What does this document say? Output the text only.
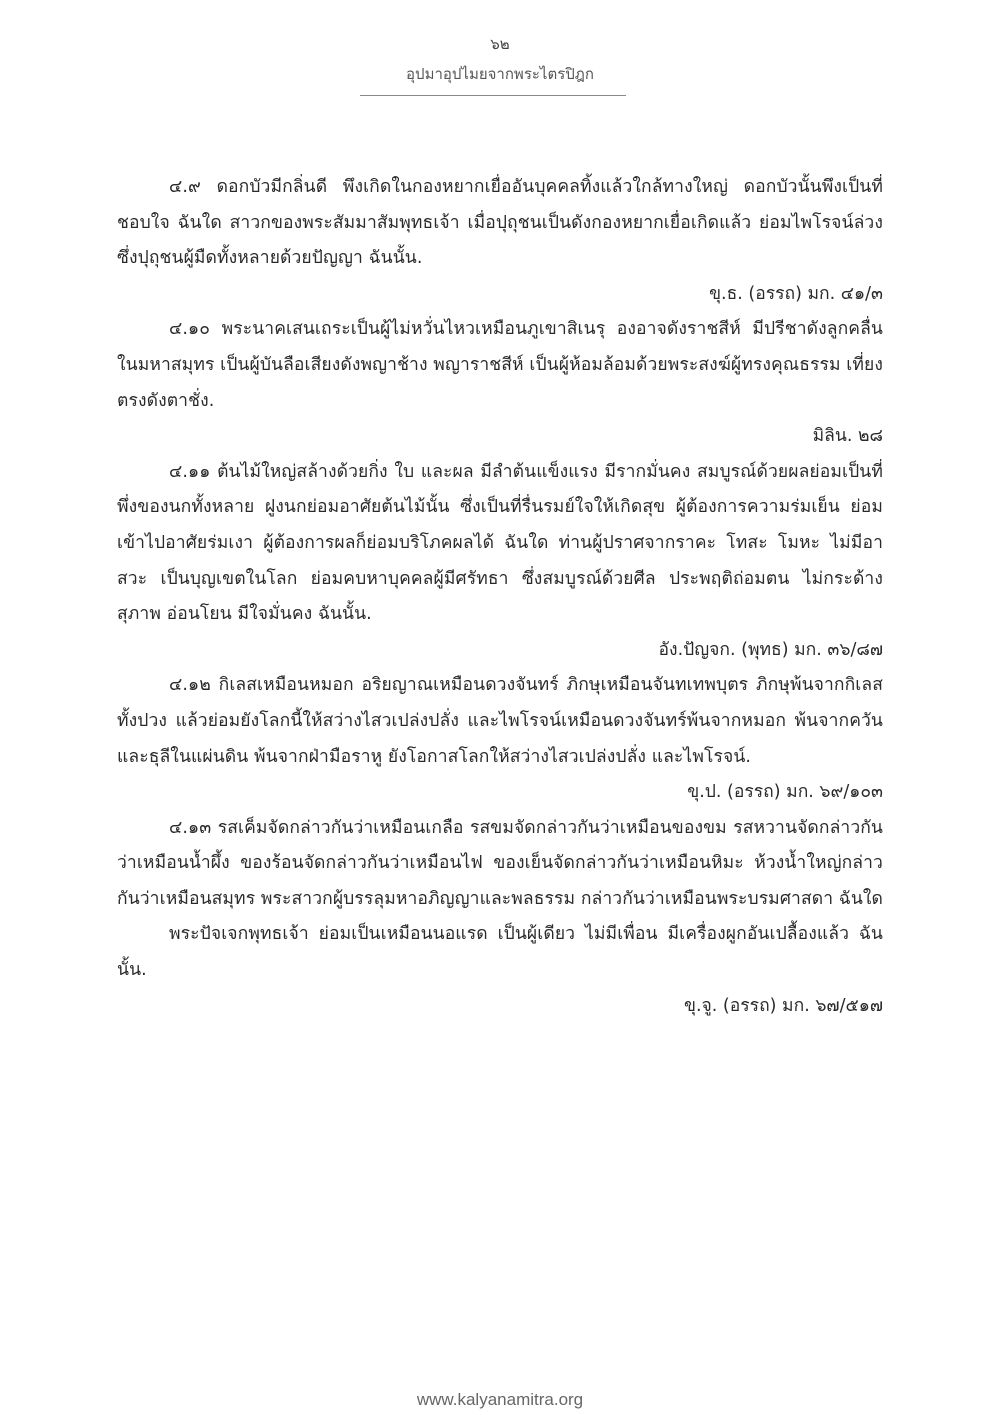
๖๒
อุปมาอุปไมยจากพระไตรปิฎก

๔.๙ ดอกบัวมีกลิ่นดี พึงเกิดในกองหยากเยื่ออันบุคคลทิ้งแล้วใกล้ทางใหญ่ ดอกบัวนั้นพึงเป็นที่ชอบใจ ฉันใด สาวกของพระสัมมาสัมพุทธเจ้า เมื่อปุถุชนเป็นดังกองหยากเยื่อเกิดแล้ว ย่อมไพโรจน์ล่วงซึ่งปุถุชนผู้มืดทั้งหลายด้วยปัญญา ฉันนั้น.

ขุ.ธ. (อรรถ) มก. ๔๑/๓

๔.๑๐ พระนาคเสนเถระเป็นผู้ไม่หวั่นไหวเหมือนภูเขาสิเนรุ องอาจดังราชสีห์ มีปรีชาดังลูกคลื่นในมหาสมุทร เป็นผู้บันลือเสียงดังพญาช้าง พญาราชสีห์ เป็นผู้ห้อมล้อมด้วยพระสงฆ์ผู้ทรงคุณธรรม เที่ยงตรงดังตาชั่ง.

มิลิน. ๒๘

๔.๑๑ ต้นไม้ใหญ่สล้างด้วยกิ่ง ใบ และผล มีลำต้นแข็งแรง มีรากมั่นคง สมบูรณ์ด้วยผลย่อมเป็นที่พึ่งของนกทั้งหลาย ฝูงนกย่อมอาศัยต้นไม้นั้น ซึ่งเป็นที่รื่นรมย์ใจให้เกิดสุข ผู้ต้องการความร่มเย็น ย่อมเข้าไปอาศัยร่มเงา ผู้ต้องการผลก็ย่อมบริโภคผลได้ ฉันใด ท่านผู้ปราศจากราคะ โทสะ โมหะ ไม่มีอาสวะ เป็นบุญเขตในโลก ย่อมคบหาบุคคลผู้มีศรัทธา ซึ่งสมบูรณ์ด้วยศีล ประพฤติถ่อมตน ไม่กระด้าง สุภาพ อ่อนโยน มีใจมั่นคง ฉันนั้น.

อัง.ปัญจก. (พุทธ) มก. ๓๖/๘๗

๔.๑๒ กิเลสเหมือนหมอก อริยญาณเหมือนดวงจันทร์ ภิกษุเหมือนจันทเทพบุตร ภิกษุพ้นจากกิเลสทั้งปวง แล้วย่อมยังโลกนี้ให้สว่างไสวเปล่งปลั่ง และไพโรจน์เหมือนดวงจันทร์พ้นจากหมอก พ้นจากควัน และธุลีในแผ่นดิน พ้นจากฝ่ามือราหู ยังโอกาสโลกให้สว่างไสวเปล่งปลั่ง และไพโรจน์.

ขุ.ป. (อรรถ) มก. ๖๙/๑๐๓

๔.๑๓ รสเค็มจัดกล่าวกันว่าเหมือนเกลือ รสขมจัดกล่าวกันว่าเหมือนของขม รสหวานจัดกล่าวกันว่าเหมือนน้ำผึ้ง ของร้อนจัดกล่าวกันว่าเหมือนไฟ ของเย็นจัดกล่าวกันว่าเหมือนหิมะ ห้วงน้ำใหญ่กล่าวกันว่าเหมือนสมุทร พระสาวกผู้บรรลุมหาอภิญญาและพลธรรม กล่าวกันว่าเหมือนพระบรมศาสดา ฉันใด

พระปัจเจกพุทธเจ้า ย่อมเป็นเหมือนนอแรด เป็นผู้เดียว ไม่มีเพื่อน มีเครื่องผูกอันเปลื้องแล้ว ฉันนั้น.

ขุ.จู. (อรรถ) มก. ๖๗/๕๑๗

www.kalyanamitra.org
